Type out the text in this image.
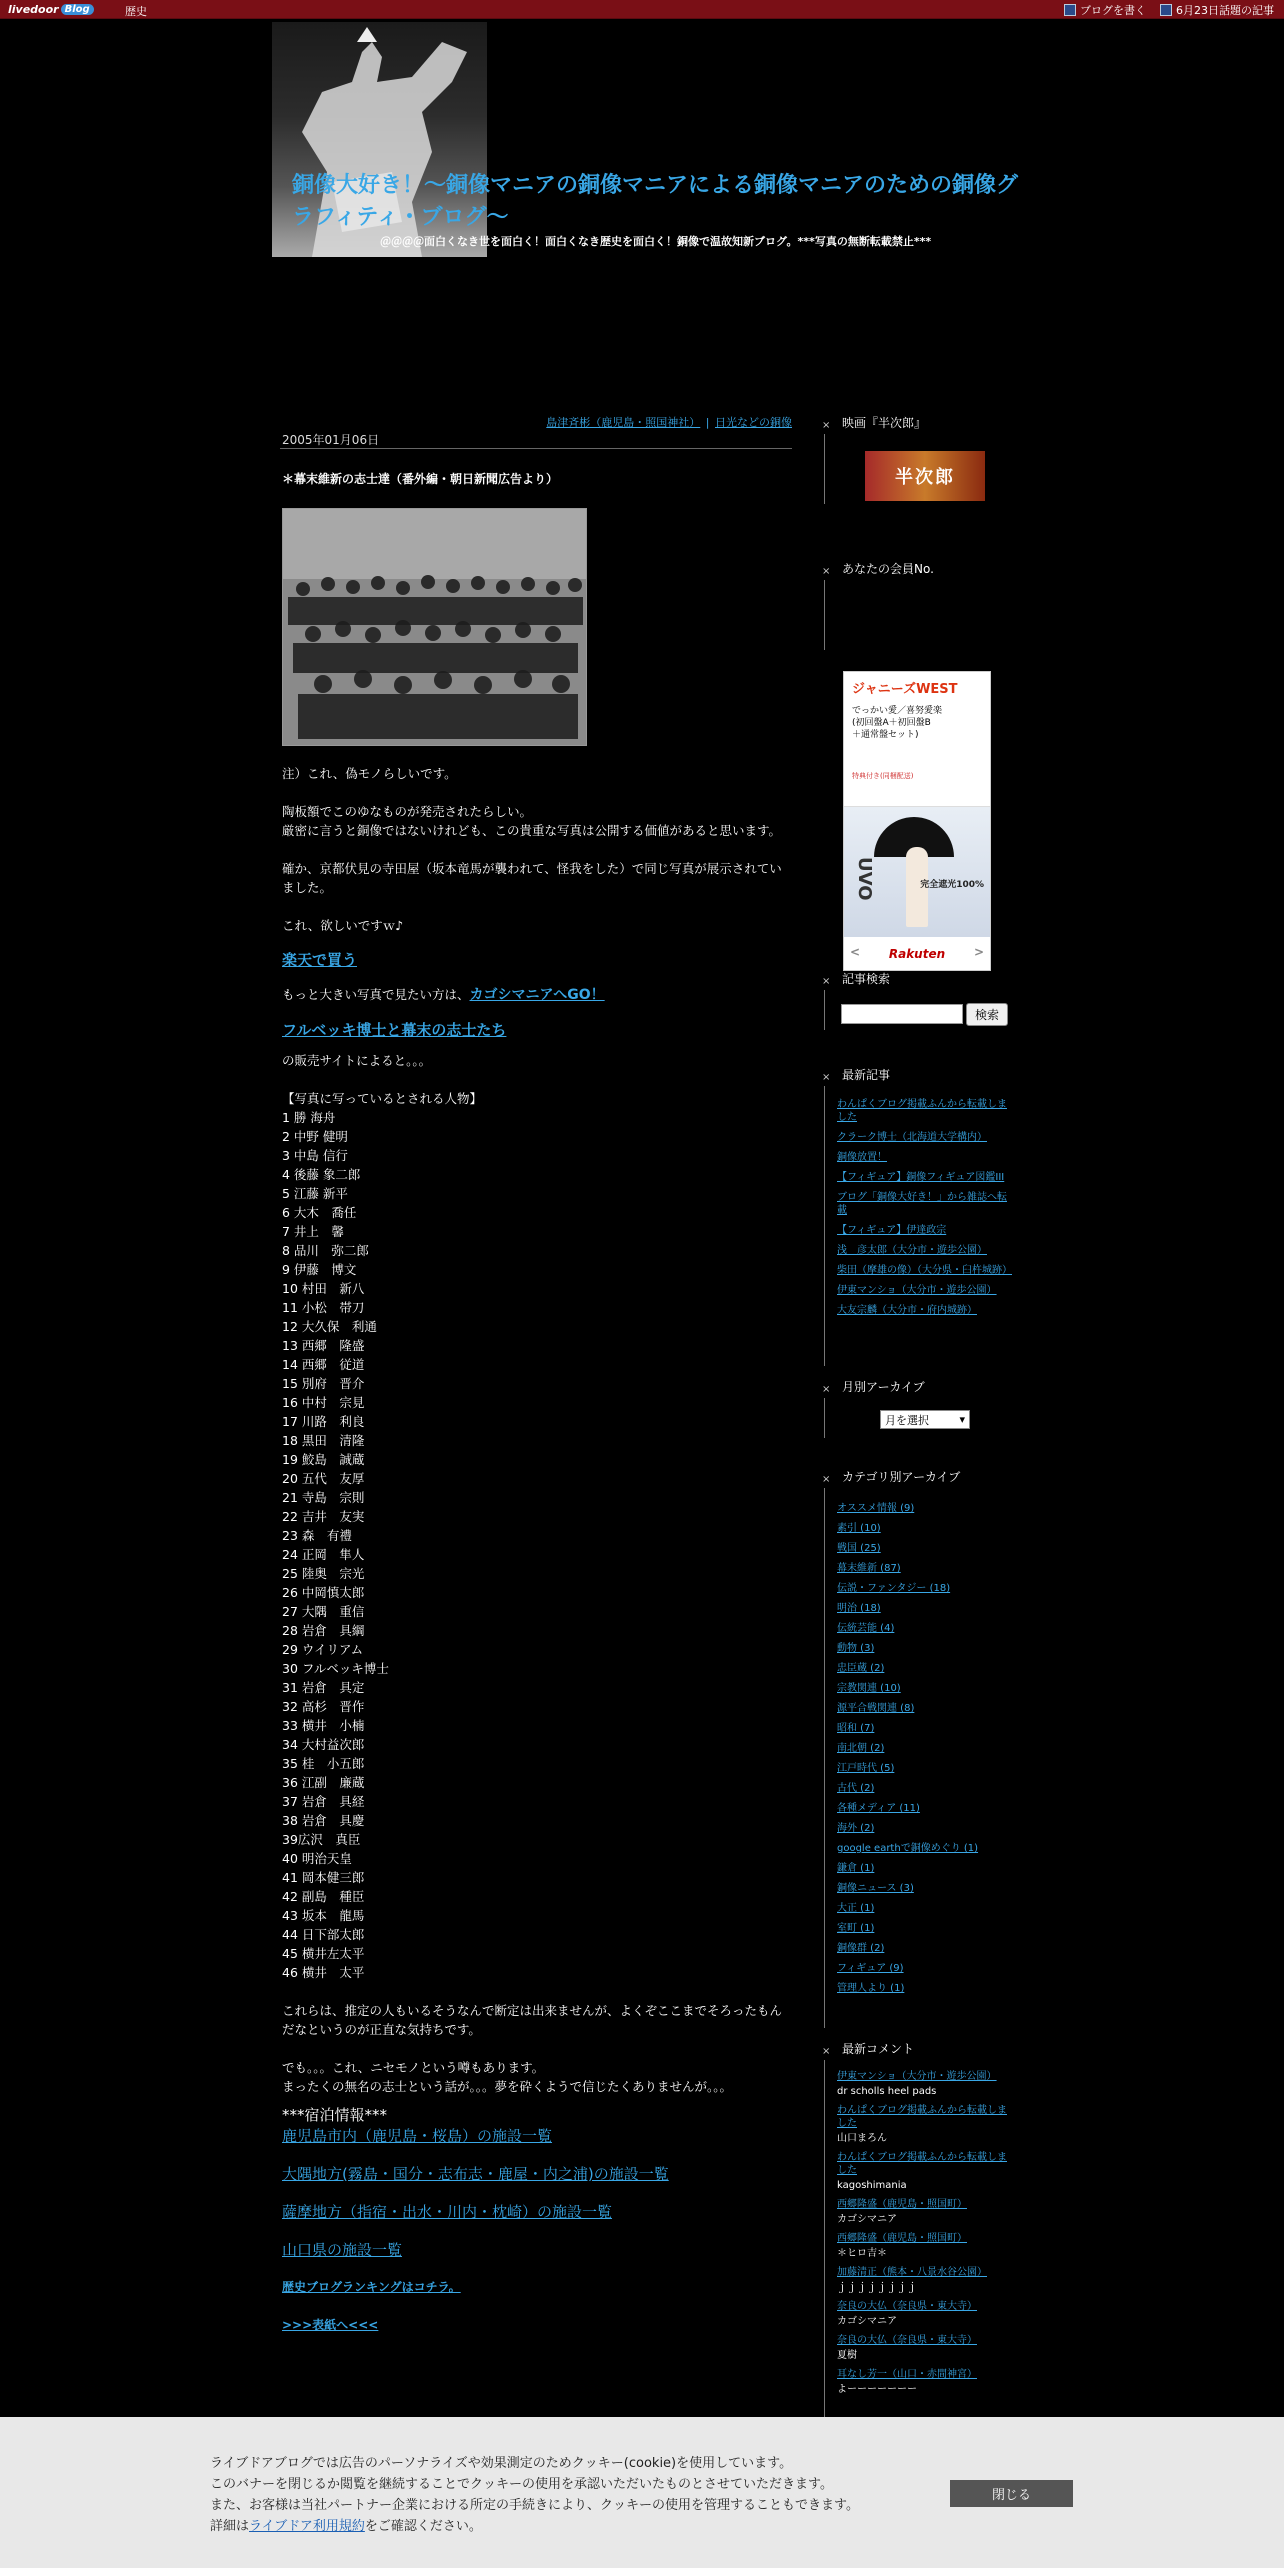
livedoor Blog	歴史	ブログを書く	6月23日話題の記事
銅像大好き！～銅像マニアの銅像マニアによる銅像マニアのための銅像グラフィティ・ブログ～
＠＠＠＠面白くなき世を面白く！面白くなき歴史を面白く！銅像で温故知新ブログ。***写真の無断転載禁止***
島津斉彬（鹿児島・照国神社） | 日光などの銅像
2005年01月06日
＊幕末維新の志士達（番外編・朝日新聞広告より）

注）これ、偽モノらしいです。

陶板額でこのゆなものが発売されたらしい。

厳密に言うと銅像ではないけれども、この貴重な写真は公開する価値があると思います。

確か、京都伏見の寺田屋（坂本竜馬が襲われて、怪我をした）で同じ写真が展示されていました。

これ、欲しいですｗ♪

楽天で買う

もっと大きい写真で見たい方は、カゴシマニアへGO！

フルベッキ博士と幕末の志士たち

の販売サイトによると。。。

【写真に写っているとされる人物】

1 勝 海舟
2 中野 健明
3 中島 信行
4 後藤 象二郎
5 江藤 新平
6 大木　喬任
7 井上　馨
8 品川　弥二郎
9 伊藤　博文
10 村田　新八
11 小松　帯刀
12 大久保　利通
13 西郷　隆盛
14 西郷　従道
15 別府　晋介
16 中村　宗見
17 川路　利良
18 黒田　清隆
19 鮫島　誠蔵
20 五代　友厚
21 寺島　宗則
22 吉井　友実
23 森　有禮
24 正岡　隼人
25 陸奥　宗光
26 中岡慎太郎
27 大隅　重信
28 岩倉　具綱
29 ウイリアム
30 フルベッキ博士
31 岩倉　具定
32 高杉　晋作
33 横井　小楠
34 大村益次郎
35 桂　小五郎
36 江副　廉蔵
37 岩倉　具経
38 岩倉　具慶
39広沢　真臣
40 明治天皇
41 岡本健三郎
42 副島　種臣
43 坂本　龍馬
44 日下部太郎
45 横井左太平
46 横井　太平

これらは、推定の人もいるそうなんで断定は出来ませんが、よくぞここまでそろったもんだなというのが正直な気持ちです。

でも。。。これ、ニセモノという噂もあります。

まったくの無名の志士という話が。。。夢を砕くようで信じたくありませんが。。。

***宿泊情報***

鹿児島市内（鹿児島・桜島）の施設一覧

大隅地方(霧島・国分・志布志・鹿屋・内之浦)の施設一覧

薩摩地方（指宿・出水・川内・枕崎）の施設一覧

山口県の施設一覧

歴史ブログランキングはコチラ。

>>>表紙へ<<<

× 映画『半次郎』
半次郎
× あなたの会員No.
ジャニーズWEST
でっかい愛／喜努愛楽
(初回盤A＋初回盤B
＋通常盤セット)
特典付き(同梱配送)
UVO	完全遮光100%
< Rakuten >
× 記事検索
検索
× 最新記事
わんぱくブログ掲載ふんから転載しました
クラーク博士（北海道大学構内）
銅像放置！
【フィギュア】銅像フィギュア図鑑III
ブログ「銅像大好き！」から雑誌へ転載
【フィギュア】伊達政宗
浅　彦太郎（大分市・遊歩公園）
柴田（摩雄の像）（大分県・臼杵城跡）
伊東マンショ（大分市・遊歩公園）
大友宗麟（大分市・府内城跡）
× 月別アーカイブ
月を選択	▾
× カテゴリ別アーカイブ
オススメ情報 (9)
素引 (10)
戦国 (25)
幕末維新 (87)
伝説・ファンタジー (18)
明治 (18)
伝統芸能 (4)
動物 (3)
忠臣蔵 (2)
宗教関連 (10)
源平合戦関連 (8)
昭和 (7)
南北朝 (2)
江戸時代 (5)
古代 (2)
各種メディア (11)
海外 (2)
google earthで銅像めぐり (1)
鎌倉 (1)
銅像ニュース (3)
大正 (1)
室町 (1)
銅像群 (2)
フィギュア (9)
管理人より (1)
× 最新コメント
伊東マンショ（大分市・遊歩公園）
dr scholls heel pads
わんぱくブログ掲載ふんから転載しました
山口まろん
わんぱくブログ掲載ふんから転載しました
kagoshimania
西郷隆盛（鹿児島・照国町）
カゴシマニア
西郷隆盛（鹿児島・照国町）
＊ヒロ吉＊
加藤清正（熊本・八景水谷公園）
ｊｊｊｊｊｊｊｊ
奈良の大仏（奈良県・東大寺）
カゴシマニア
奈良の大仏（奈良県・東大寺）
夏樹
耳なし芳一（山口・赤間神宮）
よーーーーーーー
ライブドアブログでは広告のパーソナライズや効果測定のためクッキー(cookie)を使用しています。
このバナーを閉じるか閲覧を継続することでクッキーの使用を承認いただいたものとさせていただきます。
また、お客様は当社パートナー企業における所定の手続きにより、クッキーの使用を管理することもできます。
詳細はライブドア利用規約をご確認ください。
閉じる
